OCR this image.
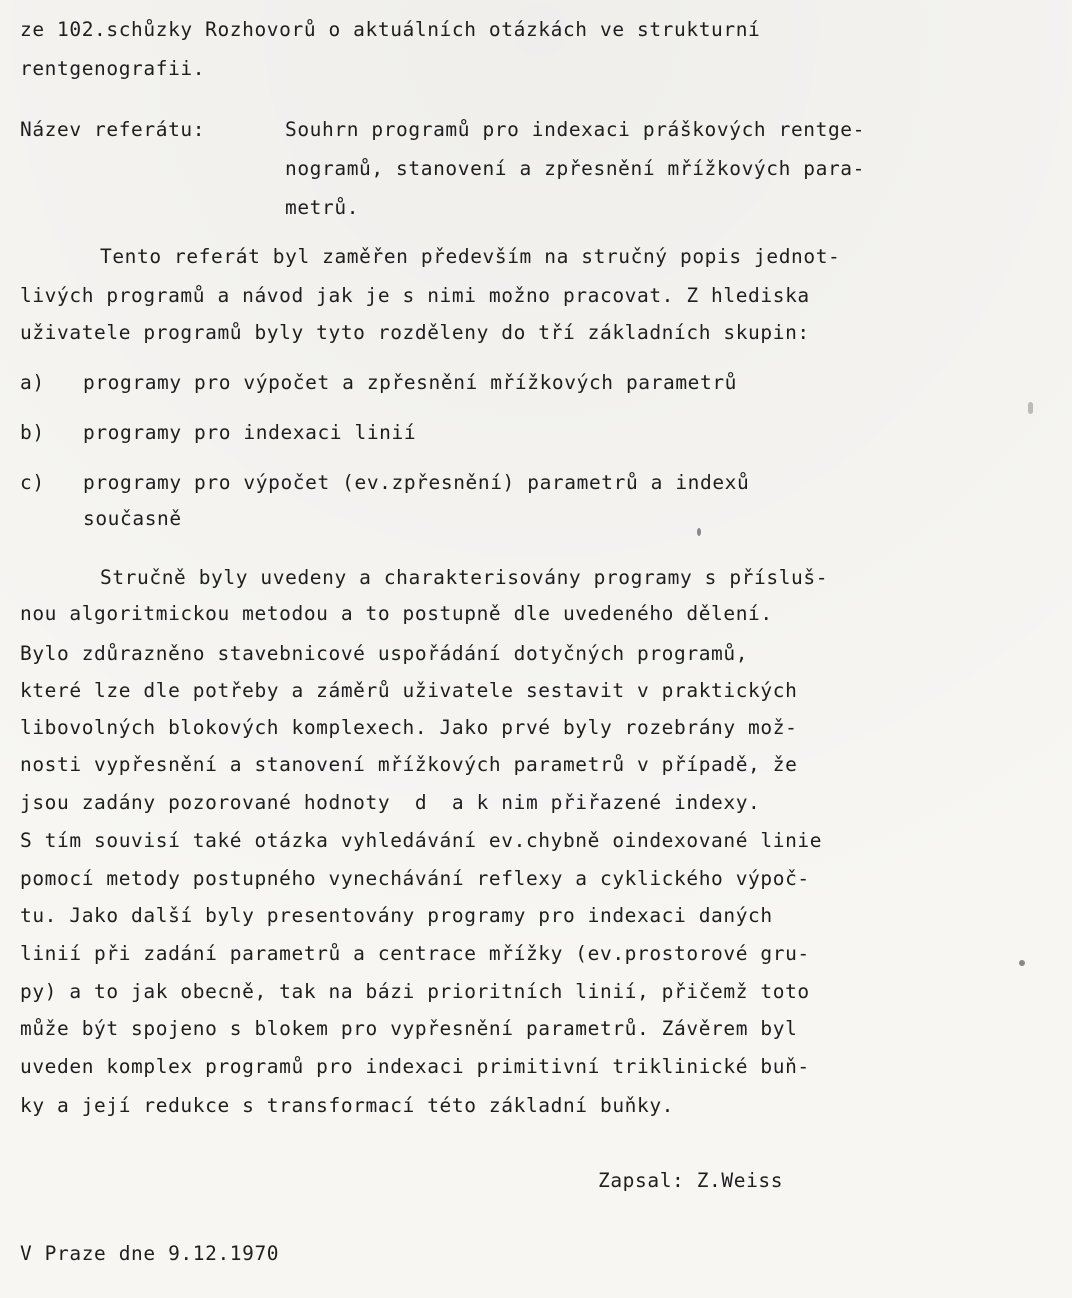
ze 102.schůzky Rozhovorů o aktuálních otázkách ve strukturní
rentgenografii.
Název referátu:	Souhrn programů pro indexaci práškových rentge-
nogramů, stanovení a zpřesnění mřížkových para-
metrů.
Tento referát byl zaměřen především na stručný popis jednot-
livých programů a návod jak je s nimi možno pracovat. Z hlediska
uživatele programů byly tyto rozděleny do tří základních skupin:
a) programy pro výpočet a zpřesnění mřížkových parametrů
b) programy pro indexaci linií
c) programy pro výpočet (ev.zpřesnění) parametrů a indexů
současně
Stručně byly uvedeny a charakterisovány programy s přísluš-
nou algoritmickou metodou a to postupně dle uvedeného dělení.
Bylo zdůrazněno stavebnicové uspořádání dotyčných programů,
které lze dle potřeby a záměrů uživatele sestavit v praktických
libovolných blokových komplexech. Jako prvé byly rozebrány mož-
nosti vypřesnění a stanovení mřížkových parametrů v případě, že
jsou zadány pozorované hodnoty  d  a k nim přiřazené indexy.
S tím souvisí také otázka vyhledávání ev.chybně oindexované linie
pomocí metody postupného vynechávání reflexy a cyklického výpoč-
tu. Jako další byly presentovány programy pro indexaci daných
linií při zadání parametrů a centrace mřížky (ev.prostorové gru-
py) a to jak obecně, tak na bázi prioritních linií, přičemž toto
může být spojeno s blokem pro vypřesnění parametrů. Závěrem byl
uveden komplex programů pro indexaci primitivní triklinické buň-
ky a její redukce s transformací této základní buňky.
Zapsal: Z.Weiss
V Praze dne 9.12.1970
